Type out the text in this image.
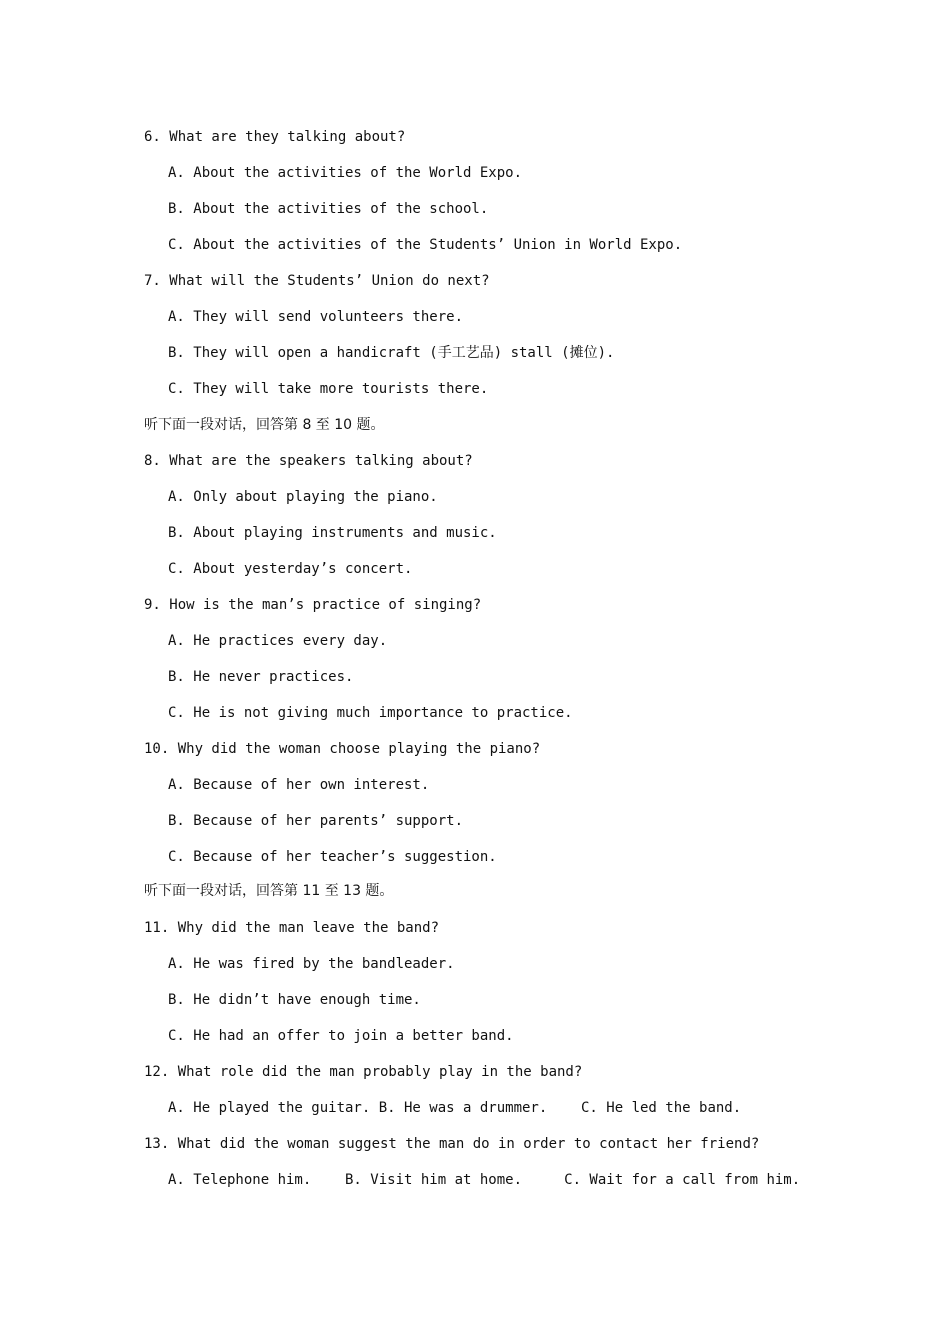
6. What are they talking about?
A. About the activities of the World Expo.
B. About the activities of the school.
C. About the activities of the Students’ Union in World Expo.
7. What will the Students’ Union do next?
A. They will send volunteers there.
B. They will open a handicraft (手工艺品) stall (摊位).
C. They will take more tourists there.
听下面一段对话，回答第 8 至 10 题。
8. What are the speakers talking about?
A. Only about playing the piano.
B. About playing instruments and music.
C. About yesterday’s concert.
9. How is the man’s practice of singing?
A. He practices every day.
B. He never practices.
C. He is not giving much importance to practice.
10. Why did the woman choose playing the piano?
A. Because of her own interest.
B. Because of her parents’ support.
C. Because of her teacher’s suggestion.
听下面一段对话，回答第 11 至 13 题。
11. Why did the man leave the band?
A. He was fired by the bandleader.
B. He didn’t have enough time.
C. He had an offer to join a better band.
12. What role did the man probably play in the band?
A. He played the guitar. B. He was a drummer.    C. He led the band.
13. What did the woman suggest the man do in order to contact her friend?
A. Telephone him.    B. Visit him at home.     C. Wait for a call from him.
